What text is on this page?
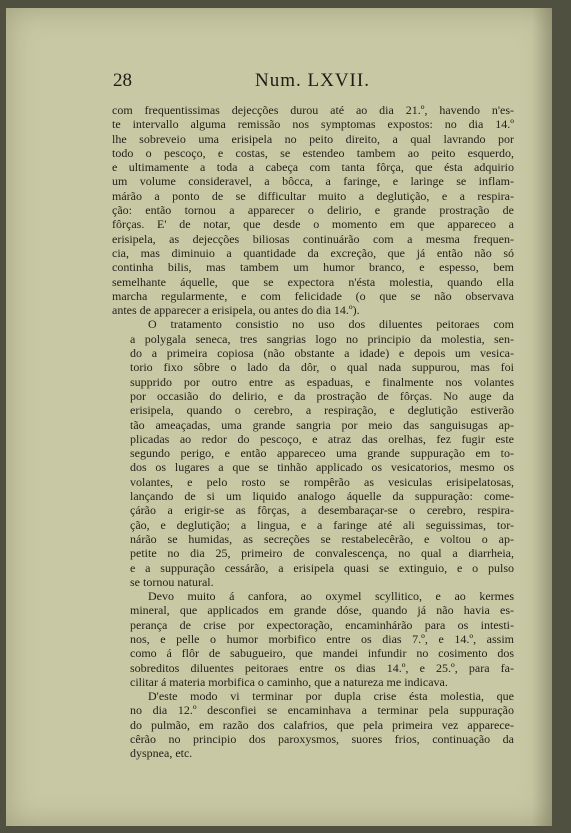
28	Num. LXVII.

com frequentissimas dejecções durou até ao dia 21.º, havendo n'es-
te intervallo alguma remissão nos symptomas expostos: no dia 14.º
lhe sobreveio uma erisipela no peito direito, a qual lavrando por
todo o pescoço, e costas, se estendeo tambem ao peito esquerdo,
e ultimamente a toda a cabeça com tanta fôrça, que ésta adquirio
um volume consideravel, a bôcca, a faringe, e laringe se inflam-
márão a ponto de se difficultar muito a deglutição, e a respira-
ção: então tornou a apparecer o delirio, e grande prostração de
fôrças. E' de notar, que desde o momento em que appareceo a
erisipela, as dejecções biliosas continuárão com a mesma frequen-
cia, mas diminuio a quantidade da excreção, que já então não só
continha bilis, mas tambem um humor branco, e espesso, bem
semelhante áquelle, que se expectora n'ésta molestia, quando ella
marcha regularmente, e com felicidade (o que se não observava
antes de apparecer a erisipela, ou antes do dia 14.º).

O tratamento consistio no uso dos diluentes peitoraes com
a polygala seneca, tres sangrias logo no principio da molestia, sen-
do a primeira copiosa (não obstante a idade) e depois um vesica-
torio fixo sôbre o lado da dôr, o qual nada suppurou, mas foi
supprido por outro entre as espaduas, e finalmente nos volantes
por occasião do delirio, e da prostração de fôrças. No auge da
erisipela, quando o cerebro, a respiração, e deglutição estiverão
tão ameaçadas, uma grande sangria por meio das sanguisugas ap-
plicadas ao redor do pescoço, e atraz das orelhas, fez fugir este
segundo perigo, e então appareceo uma grande suppuração em to-
dos os lugares a que se tinhão applicado os vesicatorios, mesmo os
volantes, e pelo rosto se rompêrão as vesiculas erisipelatosas,
lançando de si um liquido analogo áquelle da suppuração: come-
çárão a erigir-se as fôrças, a desembaraçar-se o cerebro, respira-
ção, e deglutição; a lingua, e a faringe até ali seguissimas, tor-
nárão se humidas, as secreções se restabelecêrão, e voltou o ap-
petite no dia 25, primeiro de convalescença, no qual a diarrheia,
e a suppuração cessárão, a erisipela quasi se extinguio, e o pulso
se tornou natural.

Devo muito á canfora, ao oxymel scyllitico, e ao kermes
mineral, que applicados em grande dóse, quando já não havia es-
perança de crise por expectoração, encaminhárão para os intesti-
nos, e pelle o humor morbifico entre os dias 7.º, e 14.º, assim
como á flôr de sabugueiro, que mandei infundir no cosimento dos
sobreditos diluentes peitoraes entre os dias 14.º, e 25.º, para fa-
cilitar á materia morbifica o caminho, que a natureza me indicava.

D'este modo vi terminar por dupla crise ésta molestia, que
no dia 12.º desconfiei se encaminhava a terminar pela suppuração
do pulmão, em razão dos calafrios, que pela primeira vez apparece-
cêrão no principio dos paroxysmos, suores frios, continuação da
dyspnea, etc.
